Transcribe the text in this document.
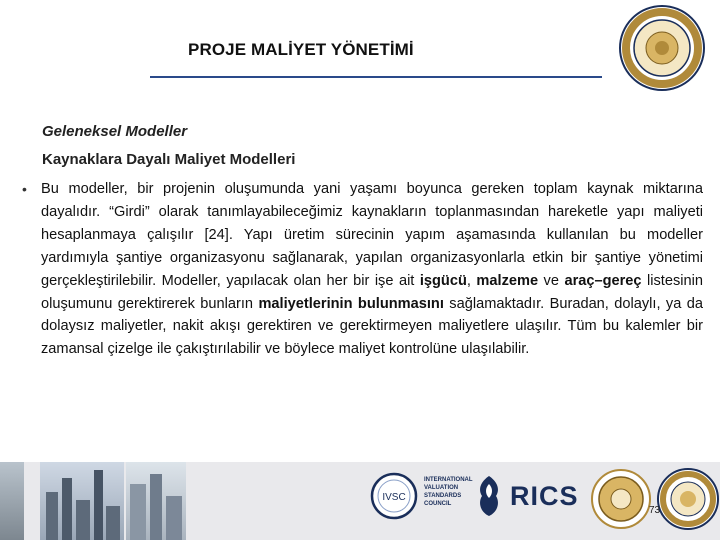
PROJE MALİYET YÖNETİMİ
Geleneksel Modeller
Kaynaklara Dayalı Maliyet Modelleri
• Bu modeller, bir projenin oluşumunda yani yaşamı boyunca gereken toplam kaynak miktarına dayalıdır. “Girdi” olarak tanımlayabileceğimiz kaynakların toplanmasından hareketle yapı maliyeti hesaplanmaya çalışılır [24]. Yapı üretim sürecinin yapım aşamasında kullanılan bu modeller yardımıyla şantiye organizasyonu sağlanarak, yapılan organizasyonlarla etkin bir şantiye yönetimi gerçekleştirilebilir. Modeller, yapılacak olan her bir işe ait işgücü, malzeme ve araç–gereç listesinin oluşumunu gerektirerek bunların maliyetlerinin bulunmasını sağlamaktadır. Buradan, dolaylı, ya da dolaysız maliyetler, nakit akışı gerektiren ve gerektirmeyen maliyetlere ulaşılır. Tüm bu kalemler bir zamansal çizelge ile çakıştırılabilir ve böylece maliyet kontrolüne ulaşılabilir.
IVSC
INTERNATIONAL VALUATION STANDARDS COUNCIL	RICS	73
